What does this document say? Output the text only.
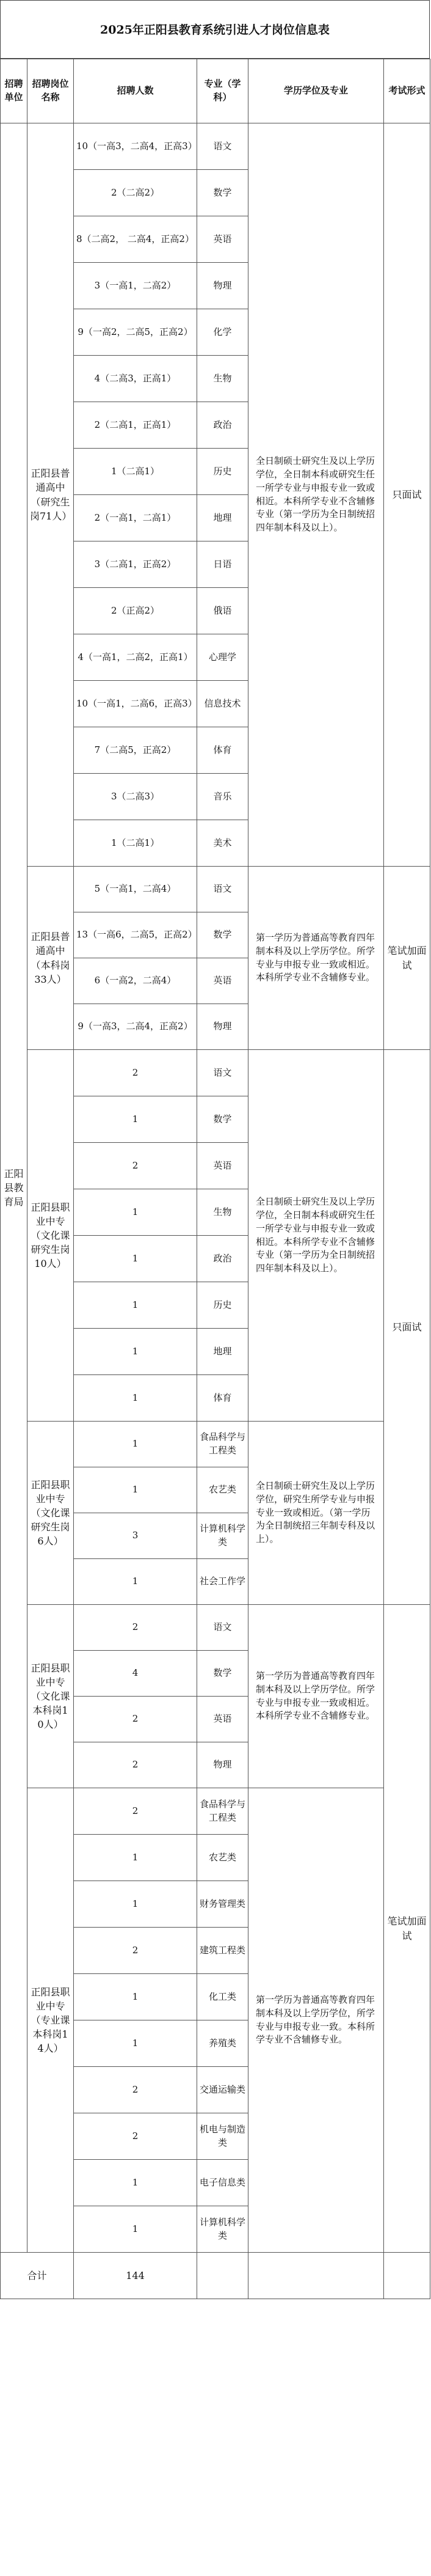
2025年正阳县教育系统引进人才岗位信息表
招聘单位	招聘岗位名称	招聘人数	专业（学科）	学历学位及专业	考试形式
正阳县教育局	正阳县普通高中（研究生岗71人）	10（一高3，二高4，正高3）	语文	全日制硕士研究生及以上学历学位，全日制本科或研究生任一所学专业与申报专业一致或相近。本科所学专业不含辅修专业（第一学历为全日制统招四年制本科及以上）。	只面试
		2（二高2）	数学		
		8（二高2， 二高4，正高2）	英语		
		3（一高1，二高2）	物理		
		9（一高2，二高5，正高2）	化学		
		4（二高3，正高1）	生物		
		2（二高1，正高1）	政治		
		1（二高1）	历史		
		2（一高1，二高1）	地理		
		3（二高1，正高2）	日语		
		2（正高2）	俄语		
		4（一高1，二高2，正高1）	心理学		
		10（一高1，二高6，正高3）	信息技术		
		7（二高5，正高2）	体育		
		3（二高3）	音乐		
		1（二高1）	美术		
	正阳县普通高中（本科岗33人）	5（一高1，二高4）	语文	第一学历为普通高等教育四年制本科及以上学历学位。所学专业与申报专业一致或相近。本科所学专业不含辅修专业。	笔试加面试
		13（一高6，二高5，正高2）	数学		
		6（一高2，二高4）	英语		
		9（一高3，二高4，正高2）	物理		
	正阳县职业中专（文化课研究生岗10人）	2	语文	全日制硕士研究生及以上学历学位，全日制本科或研究生任一所学专业与申报专业一致或相近。本科所学专业不含辅修专业（第一学历为全日制统招四年制本科及以上）。	只面试
		1	数学		
		2	英语		
		1	生物		
		1	政治		
		1	历史		
		1	地理		
		1	体育		
	正阳县职业中专（文化课研究生岗6人）	1	食品科学与工程类	全日制硕士研究生及以上学历学位，研究生所学专业与申报专业一致或相近。（第一学历为全日制统招三年制专科及以上）。	
		1	农艺类		
		3	计算机科学类		
		1	社会工作学		
	正阳县职业中专（文化课本科岗10人）	2	语文	第一学历为普通高等教育四年制本科及以上学历学位。所学专业与申报专业一致或相近。本科所学专业不含辅修专业。	笔试加面试
		4	数学		
		2	英语		
		2	物理		
	正阳县职业中专（专业课本科岗14人）	2	食品科学与工程类	第一学历为普通高等教育四年制本科及以上学历学位，所学专业与申报专业一致。本科所学专业不含辅修专业。	
		1	农艺类		
		1	财务管理类		
		2	建筑工程类		
		1	化工类		
		1	养殖类		
		2	交通运输类		
		2	机电与制造类		
		1	电子信息类		
		1	计算机科学类		
合计		144			
